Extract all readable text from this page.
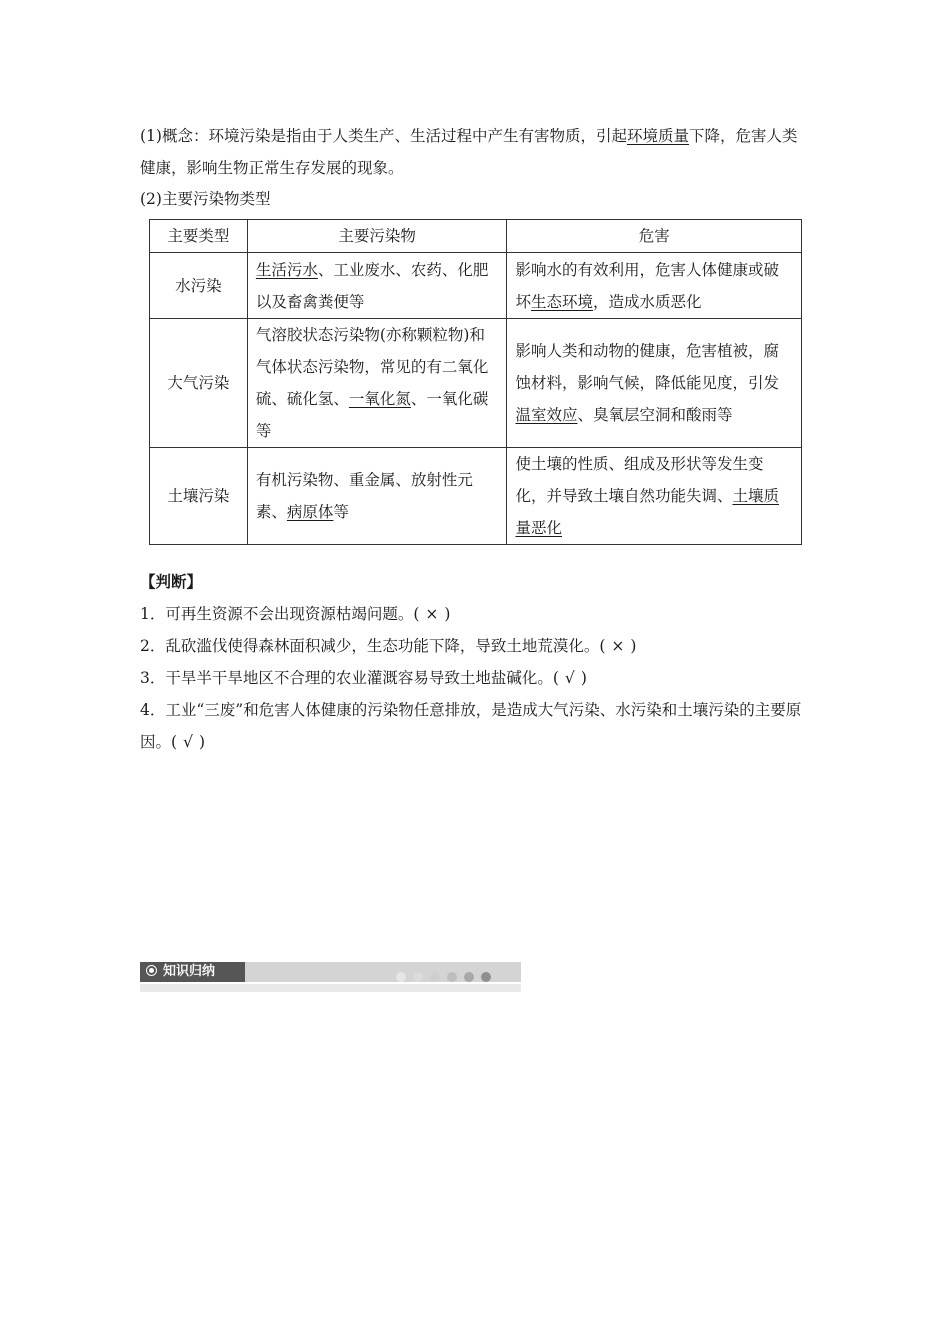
(1)概念：环境污染是指由于人类生产、生活过程中产生有害物质，引起环境质量下降，危害人类健康，影响生物正常生存发展的现象。

(2)主要污染物类型

主要类型	主要污染物	危害
水污染	生活污水、工业废水、农药、化肥以及畜禽粪便等	影响水的有效利用，危害人体健康或破坏生态环境，造成水质恶化
大气污染	气溶胶状态污染物(亦称颗粒物)和气体状态污染物，常见的有二氧化硫、硫化氢、一氧化氮、一氧化碳等	影响人类和动物的健康，危害植被，腐蚀材料，影响气候，降低能见度，引发温室效应、臭氧层空洞和酸雨等
土壤污染	有机污染物、重金属、放射性元素、病原体等	使土壤的性质、组成及形状等发生变化，并导致土壤自然功能失调、土壤质量恶化
【判断】

1．可再生资源不会出现资源枯竭问题。( × )

2．乱砍滥伐使得森林面积减少，生态功能下降，导致土地荒漠化。( × )

3．干旱半干旱地区不合理的农业灌溉容易导致土地盐碱化。( √ )

4．工业“三废”和危害人体健康的污染物任意排放，是造成大气污染、水污染和土壤污染的主要原因。( √ )

知识归纳
